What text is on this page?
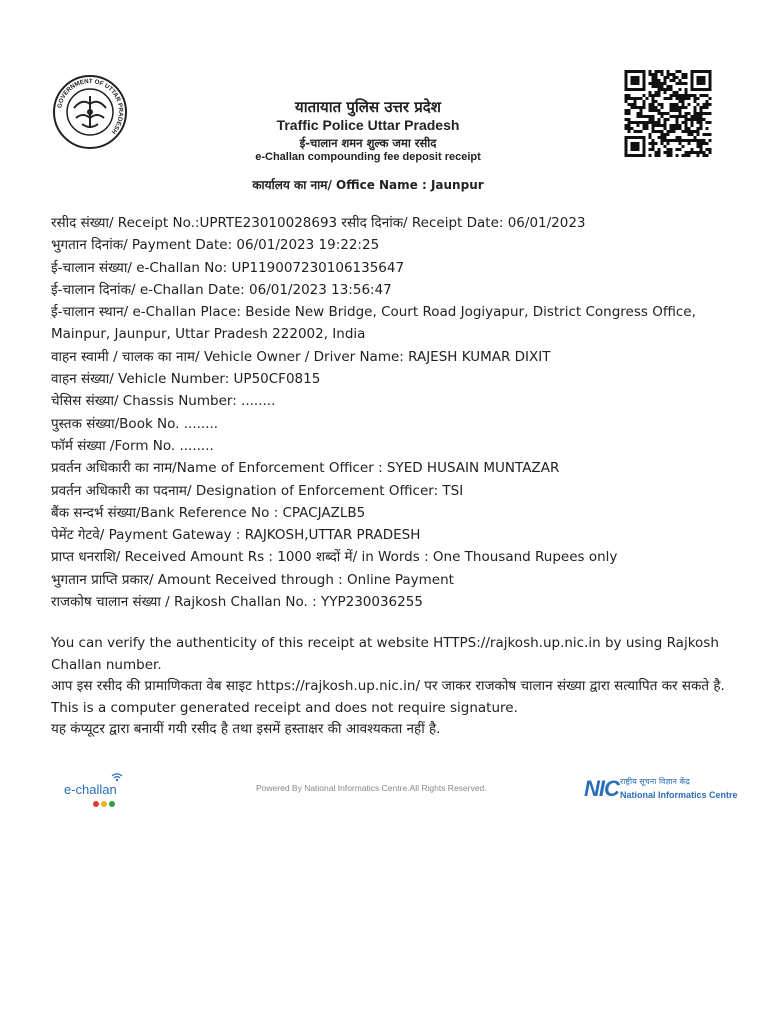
GOVERNMENT OF UTTAR PRADESH
यातायात पुलिस उत्तर प्रदेश
Traffic Police Uttar Pradesh
ई-चालान शमन शुल्क जमा रसीद
e-Challan compounding fee deposit receipt
कार्यालय का नाम/ Office Name : Jaunpur
रसीद संख्या/ Receipt No.:UPRTE23010028693 रसीद दिनांक/ Receipt Date: 06/01/2023
भुगतान दिनांक/ Payment Date: 06/01/2023 19:22:25
ई-चालान संख्या/ e-Challan No: UP119007230106135647
ई-चालान दिनांक/ e-Challan Date: 06/01/2023 13:56:47
ई-चालान स्थान/ e-Challan Place: Beside New Bridge, Court Road Jogiyapur, District Congress Office, Mainpur, Jaunpur, Uttar Pradesh 222002, India
वाहन स्वामी / चालक का नाम/ Vehicle Owner / Driver Name: RAJESH KUMAR DIXIT
वाहन संख्या/ Vehicle Number: UP50CF0815
चेसिस संख्या/ Chassis Number: ........
पुस्तक संख्या/Book No. ........
फॉर्म संख्या /Form No. ........
प्रवर्तन अधिकारी का नाम/Name of Enforcement Officer : SYED HUSAIN MUNTAZAR
प्रवर्तन अधिकारी का पदनाम/ Designation of Enforcement Officer: TSI
बैंक सन्दर्भ संख्या/Bank Reference No : CPACJAZLB5
पेमेंट गेटवे/ Payment Gateway : RAJKOSH,UTTAR PRADESH
प्राप्त धनराशि/ Received Amount Rs : 1000 शब्दों में/ in Words : One Thousand Rupees only
भुगतान प्राप्ति प्रकार/ Amount Received through : Online Payment
राजकोष चालान संख्या / Rajkosh Challan No. : YYP230036255
You can verify the authenticity of this receipt at website HTTPS://rajkosh.up.nic.in by using Rajkosh Challan number.
आप इस रसीद की प्रामाणिकता वेब साइट https://rajkosh.up.nic.in/ पर जाकर राजकोष चालान संख्या द्वारा सत्यापित कर सकते है.
This is a computer generated receipt and does not require signature.
यह कंप्यूटर द्वारा बनायीं गयी रसीद है तथा इसमें हस्ताक्षर की आवश्यकता नहीं है.
e-challan	Powered By National Informatics Centre.All Rights Reserved.	NIC राष्ट्रीय सूचना विज्ञान केंद्र
National Informatics Centre
